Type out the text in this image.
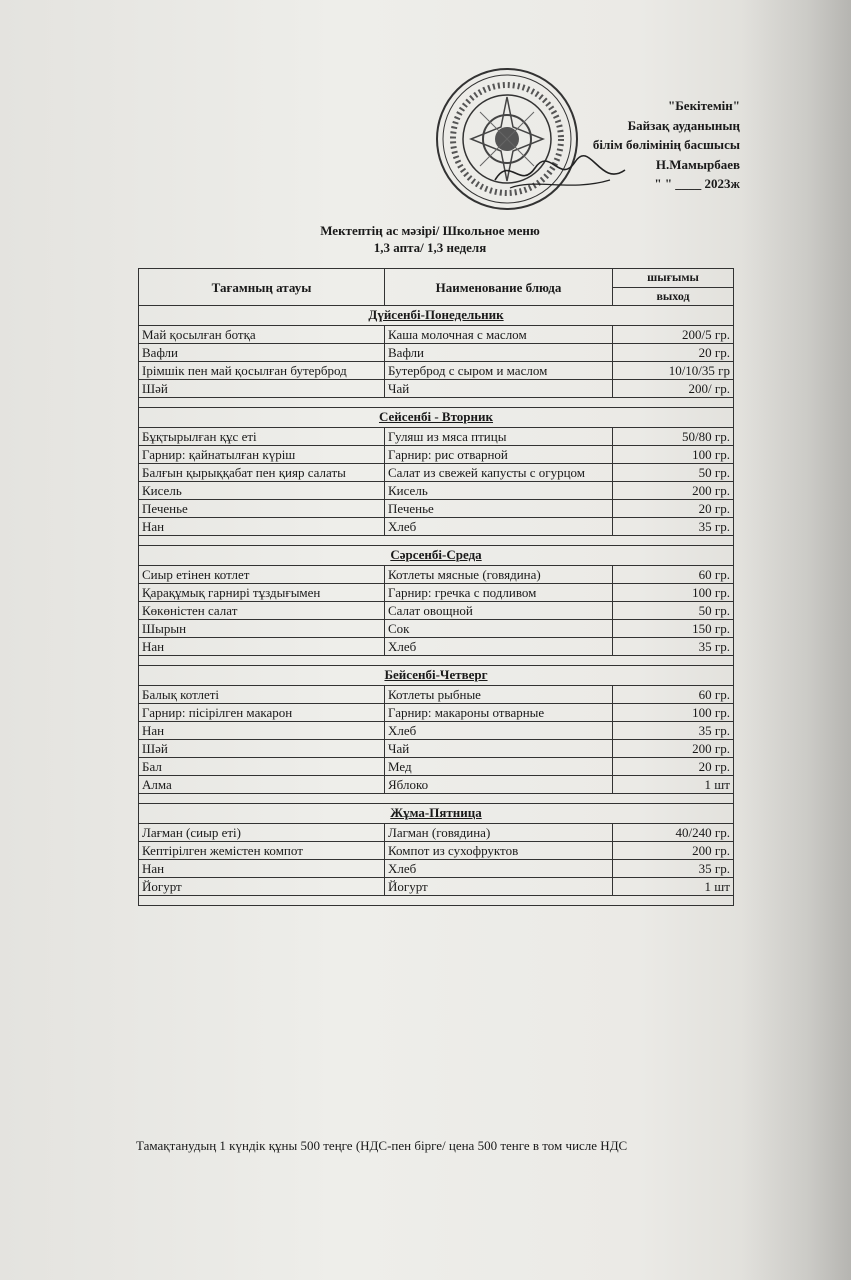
"Бекітемін"
Байзақ ауданының
білім бөлімінің басшысы
Н.Мамырбаев
" " ____ 2023ж
Мектептің ас мәзірі/ Школьное меню
1,3 апта/ 1,3 неделя
Тағамның атауы	Наименование блюда	шығымы
		выход
Дүйсенбі-Понедельник		
Май қосылған ботқа	Каша молочная с маслом	200/5 гр.
Вафли	Вафли	20 гр.
Ірімшік пен май қосылған бутерброд	Бутерброд с сыром и маслом	10/10/35 гр
Шәй	Чай	200/ гр.

Сейсенбі - Вторник		
Бұқтырылған құс еті	Гуляш из мяса птицы	50/80 гр.
Гарнир: қайнатылған күріш	Гарнир: рис отварной	100 гр.
Балғын қырыққабат пен қияр салаты	Салат из свежей капусты с огурцом	50 гр.
Кисель	Кисель	200 гр.
Печенье	Печенье	20 гр.
Нан	Хлеб	35 гр.

Сәрсенбі-Среда		
Сиыр етінен котлет	Котлеты мясные (говядина)	60 гр.
Қарақұмық гарнирі тұздығымен	Гарнир: гречка с подливом	100 гр.
Көкөністен салат	Салат овощной	50 гр.
Шырын	Сок	150 гр.
Нан	Хлеб	35 гр.

Бейсенбі-Четверг		
Балық котлеті	Котлеты рыбные	60 гр.
Гарнир: пісірілген макарон	Гарнир: макароны отварные	100 гр.
Нан	Хлеб	35 гр.
Шәй	Чай	200 гр.
Бал	Мед	20 гр.
Алма	Яблоко	1 шт

Жұма-Пятница		
Лағман (сиыр еті)	Лагман (говядина)	40/240 гр.
Кептірілген жемістен компот	Компот из сухофруктов	200 гр.
Нан	Хлеб	35 гр.
Йогурт	Йогурт	1 шт

Тамақтанудың 1 күндік құны 500 теңге (НДС-пен бірге/ цена 500 тенге в том числе НДС
